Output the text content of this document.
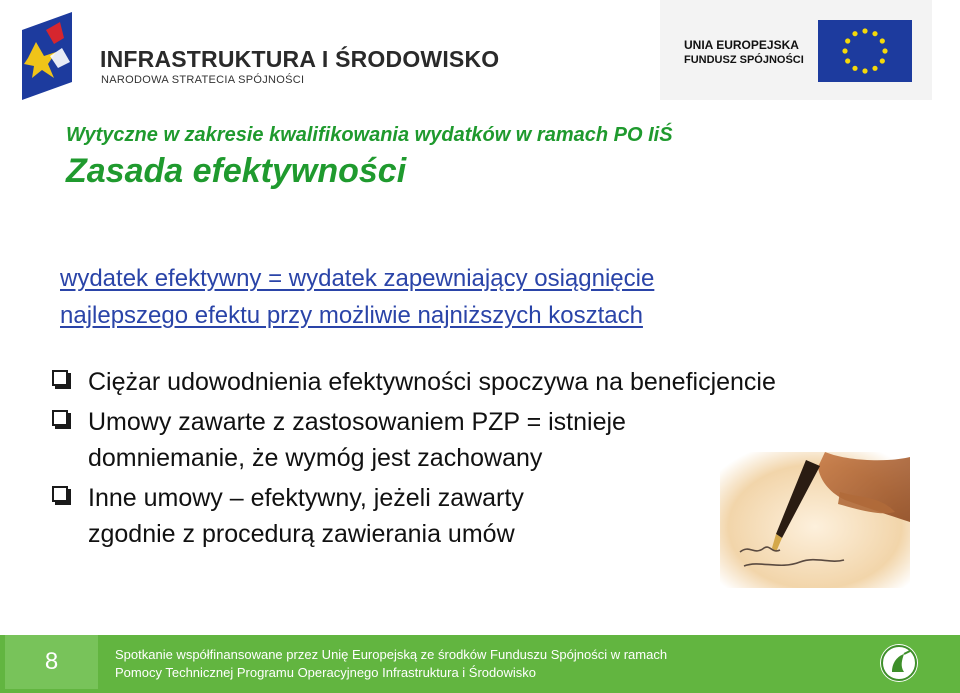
INFRASTRUKTURA I ŚRODOWISKO
NARODOWA STRATECIA SPÓJNOŚCI
UNIA EUROPEJSKA
FUNDUSZ SPÓJNOŚCI
Wytyczne w zakresie kwalifikowania wydatków w ramach PO IiŚ
Zasada efektywności
wydatek efektywny = wydatek zapewniający osiągnięcie
najlepszego efektu przy możliwie najniższych kosztach
Ciężar udowodnienia efektywności spoczywa na beneficjencie
Umowy zawarte z zastosowaniem PZP = istnieje
domniemanie, że wymóg jest zachowany
Inne umowy – efektywny, jeżeli zawarty
zgodnie z procedurą zawierania umów
8	Spotkanie współfinansowane przez Unię Europejską ze środków Funduszu Spójności w ramach
Pomocy Technicznej Programu Operacyjnego Infrastruktura i Środowisko
